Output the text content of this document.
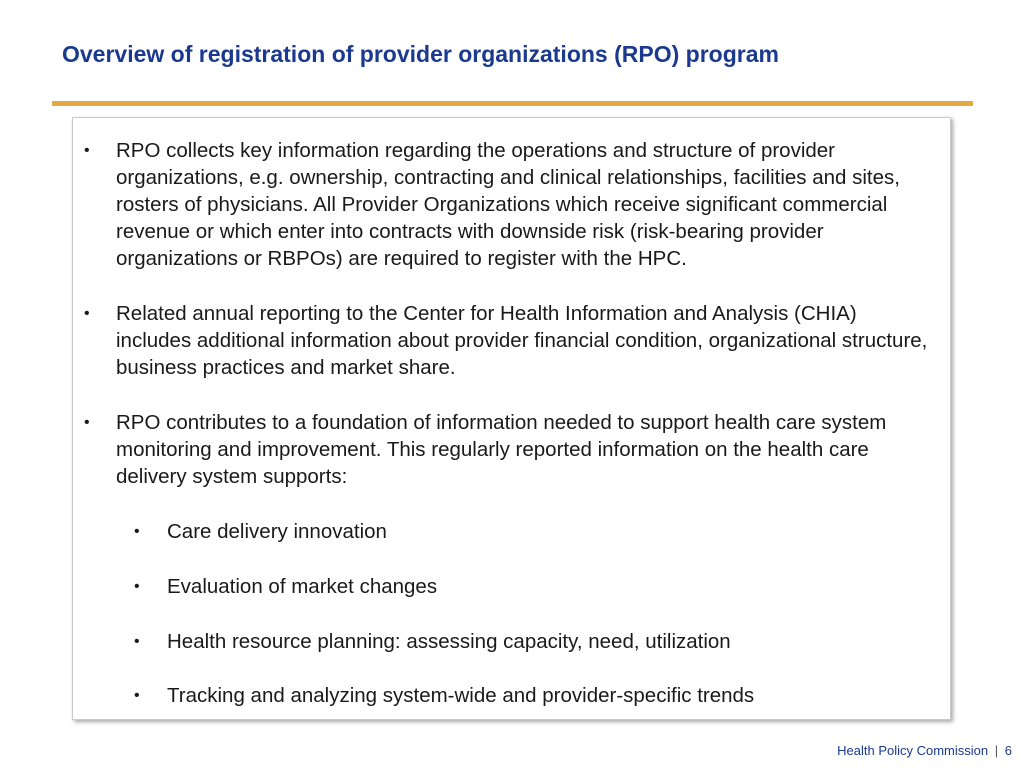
Overview of registration of provider organizations (RPO) program
•	RPO collects key information regarding the operations and structure of provider organizations, e.g. ownership, contracting and clinical relationships, facilities and sites, rosters of physicians. All Provider Organizations which receive significant commercial revenue or which enter into contracts with downside risk (risk-bearing provider organizations or RBPOs) are required to register with the HPC.
•	Related annual reporting to the Center for Health Information and Analysis (CHIA) includes additional information about provider financial condition, organizational structure, business practices and market share.
•	RPO contributes to a foundation of information needed to support health care system monitoring and improvement. This regularly reported information on the health care delivery system supports:
•	Care delivery innovation
•	Evaluation of market changes
•	Health resource planning: assessing capacity, need, utilization
•	Tracking and analyzing system-wide and provider-specific trends
Health Policy Commission | 6
